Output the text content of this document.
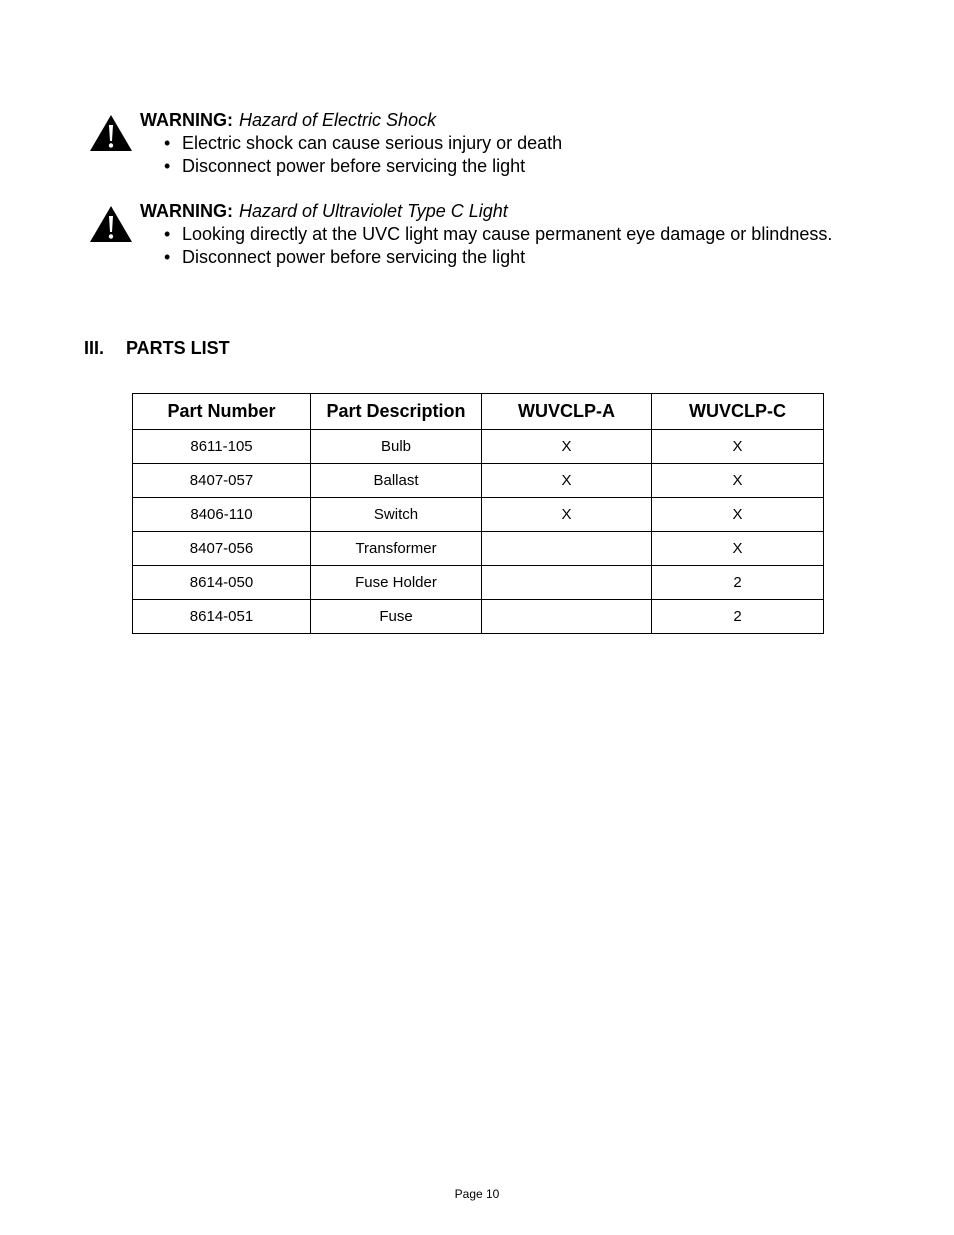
WARNING: Hazard of Electric Shock
• Electric shock can cause serious injury or death
• Disconnect power before servicing the light
WARNING: Hazard of Ultraviolet Type C Light
• Looking directly at the UVC light may cause permanent eye damage or blindness.
• Disconnect power before servicing the light
III. PARTS LIST
Part Number	Part Description	WUVCLP-A	WUVCLP-C
8611-105	Bulb	X	X
8407-057	Ballast	X	X
8406-110	Switch	X	X
8407-056	Transformer		X
8614-050	Fuse Holder		2
8614-051	Fuse		2
Page 10
